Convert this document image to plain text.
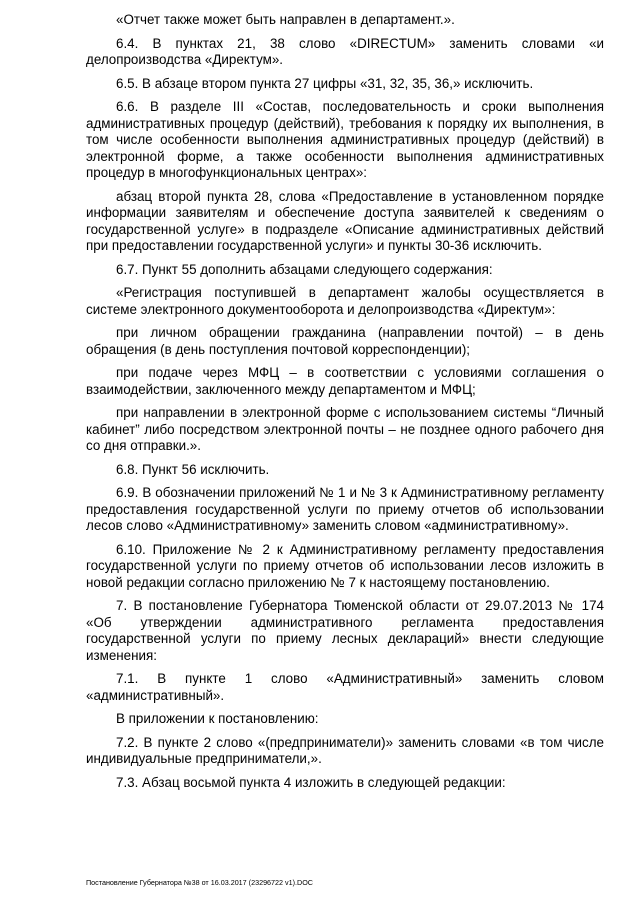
«Отчет также может быть направлен в департамент.».

6.4. В пунктах 21, 38 слово «DIRECTUM» заменить словами «и делопроизводства «Директум».

6.5. В абзаце втором пункта 27 цифры «31, 32, 35, 36,» исключить.

6.6. В разделе III «Состав, последовательность и сроки выполнения административных процедур (действий), требования к порядку их выполнения, в том числе особенности выполнения административных процедур (действий) в электронной форме, а также особенности выполнения административных процедур в многофункциональных центрах»:

абзац второй пункта 28, слова «Предоставление в установленном порядке информации заявителям и обеспечение доступа заявителей к сведениям о государственной услуге» в подразделе «Описание административных действий при предоставлении государственной услуги» и пункты 30-36 исключить.

6.7. Пункт 55 дополнить абзацами следующего содержания:

«Регистрация поступившей в департамент жалобы осуществляется в системе электронного документооборота и делопроизводства «Директум»:

при личном обращении гражданина (направлении почтой) – в день обращения (в день поступления почтовой корреспонденции);

при подаче через МФЦ – в соответствии с условиями соглашения о взаимодействии, заключенного между департаментом и МФЦ;

при направлении в электронной форме с использованием системы “Личный кабинет” либо посредством электронной почты – не позднее одного рабочего дня со дня отправки.».

6.8. Пункт 56 исключить.

6.9. В обозначении приложений № 1 и № 3 к Административному регламенту предоставления государственной услуги по приему отчетов об использовании лесов слово «Административному» заменить словом «административному».

6.10. Приложение № 2 к Административному регламенту предоставления государственной услуги по приему отчетов об использовании лесов изложить в новой редакции согласно приложению № 7 к настоящему постановлению.

7. В постановление Губернатора Тюменской области от 29.07.2013 № 174 «Об утверждении административного регламента предоставления государственной услуги по приему лесных деклараций» внести следующие изменения:

7.1. В пункте 1 слово «Административный» заменить словом «административный».

В приложении к постановлению:

7.2. В пункте 2 слово «(предприниматели)» заменить словами «в том числе индивидуальные предприниматели,».

7.3. Абзац восьмой пункта 4 изложить в следующей редакции:

Постановление Губернатора №38 от 16.03.2017 (23296722 v1).DOC
